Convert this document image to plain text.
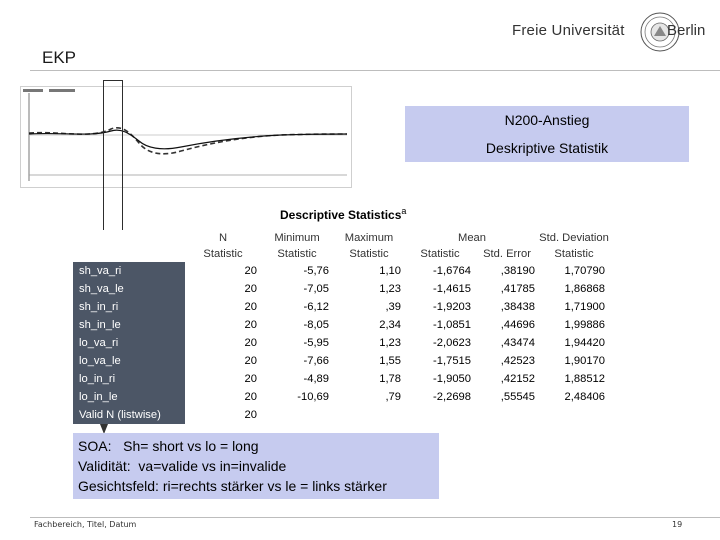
EKP
Freie Universität	Berlin
N200-Anstieg
Deskriptive Statistik
Descriptive Statistics$^a$
	N	Minimum	Maximum	Mean		Std. Deviation
	Statistic	Statistic	Statistic	Statistic	Std. Error	Statistic
sh_va_ri	20	-5,76	1,10	-1,6764	,38190	1,70790
sh_va_le	20	-7,05	1,23	-1,4615	,41785	1,86868
sh_in_ri	20	-6,12	,39	-1,9203	,38438	1,71900
sh_in_le	20	-8,05	2,34	-1,0851	,44696	1,99886
lo_va_ri	20	-5,95	1,23	-2,0623	,43474	1,94420
lo_va_le	20	-7,66	1,55	-1,7515	,42523	1,90170
lo_in_ri	20	-4,89	1,78	-1,9050	,42152	1,88512
lo_in_le	20	-10,69	,79	-2,2698	,55545	2,48406
Valid N (listwise)	20					
SOA:   Sh= short vs lo = long
Validität:  va=valide vs in=invalide
Gesichtsfeld: ri=rechts stärker vs le = links stärker
Fachbereich, Titel, Datum	19
